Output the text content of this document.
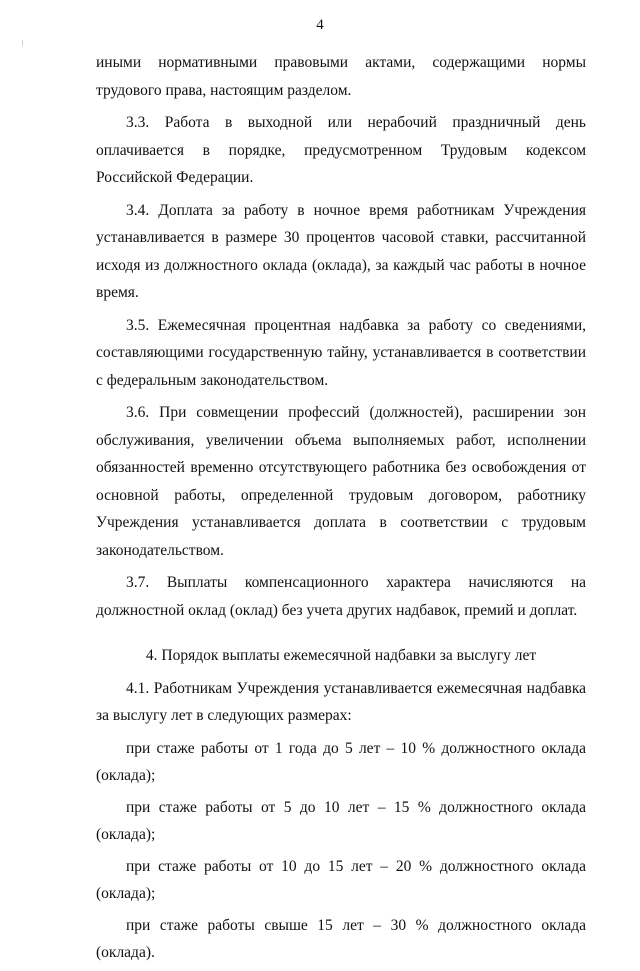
4

иными нормативными правовыми актами, содержащими нормы трудового права, настоящим разделом.

3.3. Работа в выходной или нерабочий праздничный день оплачивается в порядке, предусмотренном Трудовым кодексом Российской Федерации.

3.4. Доплата за работу в ночное время работникам Учреждения устанавливается в размере 30 процентов часовой ставки, рассчитанной исходя из должностного оклада (оклада), за каждый час работы в ночное время.

3.5. Ежемесячная процентная надбавка за работу со сведениями, составляющими государственную тайну, устанавливается в соответствии с федеральным законодательством.

3.6. При совмещении профессий (должностей), расширении зон обслуживания, увеличении объема выполняемых работ, исполнении обязанностей временно отсутствующего работника без освобождения от основной работы, определенной трудовым договором, работнику Учреждения устанавливается доплата в соответствии с трудовым законодательством.

3.7. Выплаты компенсационного характера начисляются на должностной оклад (оклад) без учета других надбавок, премий и доплат.

4. Порядок выплаты ежемесячной надбавки за выслугу лет

4.1. Работникам Учреждения устанавливается ежемесячная надбавка за выслугу лет в следующих размерах:

при стаже работы от 1 года до 5 лет – 10 % должностного оклада (оклада);

при стаже работы от 5 до 10 лет – 15 % должностного оклада (оклада);

при стаже работы от 10 до 15 лет – 20 % должностного оклада (оклада);

при стаже работы свыше 15 лет – 30 % должностного оклада (оклада).
